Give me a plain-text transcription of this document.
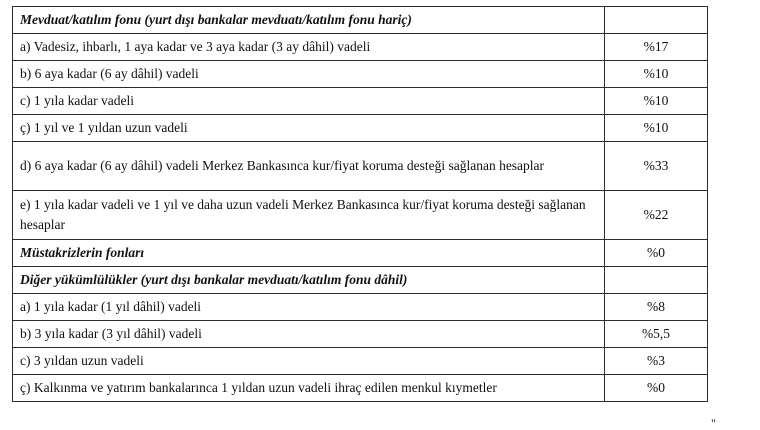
Mevduat/katılım fonu (yurt dışı bankalar mevduatı/katılım fonu hariç)	
a) Vadesiz, ihbarlı, 1 aya kadar ve 3 aya kadar (3 ay dâhil) vadeli	%17
b) 6 aya kadar (6 ay dâhil) vadeli	%10
c) 1 yıla kadar vadeli	%10
ç) 1 yıl ve 1 yıldan uzun vadeli	%10
d) 6 aya kadar (6 ay dâhil) vadeli Merkez Bankasınca kur/fiyat koruma desteği sağlanan hesaplar	%33
e) 1 yıla kadar vadeli ve 1 yıl ve daha uzun vadeli Merkez Bankasınca kur/fiyat koruma desteği sağlanan hesaplar	%22
Müstakrizlerin fonları	%0
Diğer yükümlülükler (yurt dışı bankalar mevduatı/katılım fonu dâhil)	
a) 1 yıla kadar (1 yıl dâhil) vadeli	%8
b) 3 yıla kadar (3 yıl dâhil) vadeli	%5,5
c) 3 yıldan uzun vadeli	%3
ç) Kalkınma ve yatırım bankalarınca 1 yıldan uzun vadeli ihraç edilen menkul kıymetler	%0
"
